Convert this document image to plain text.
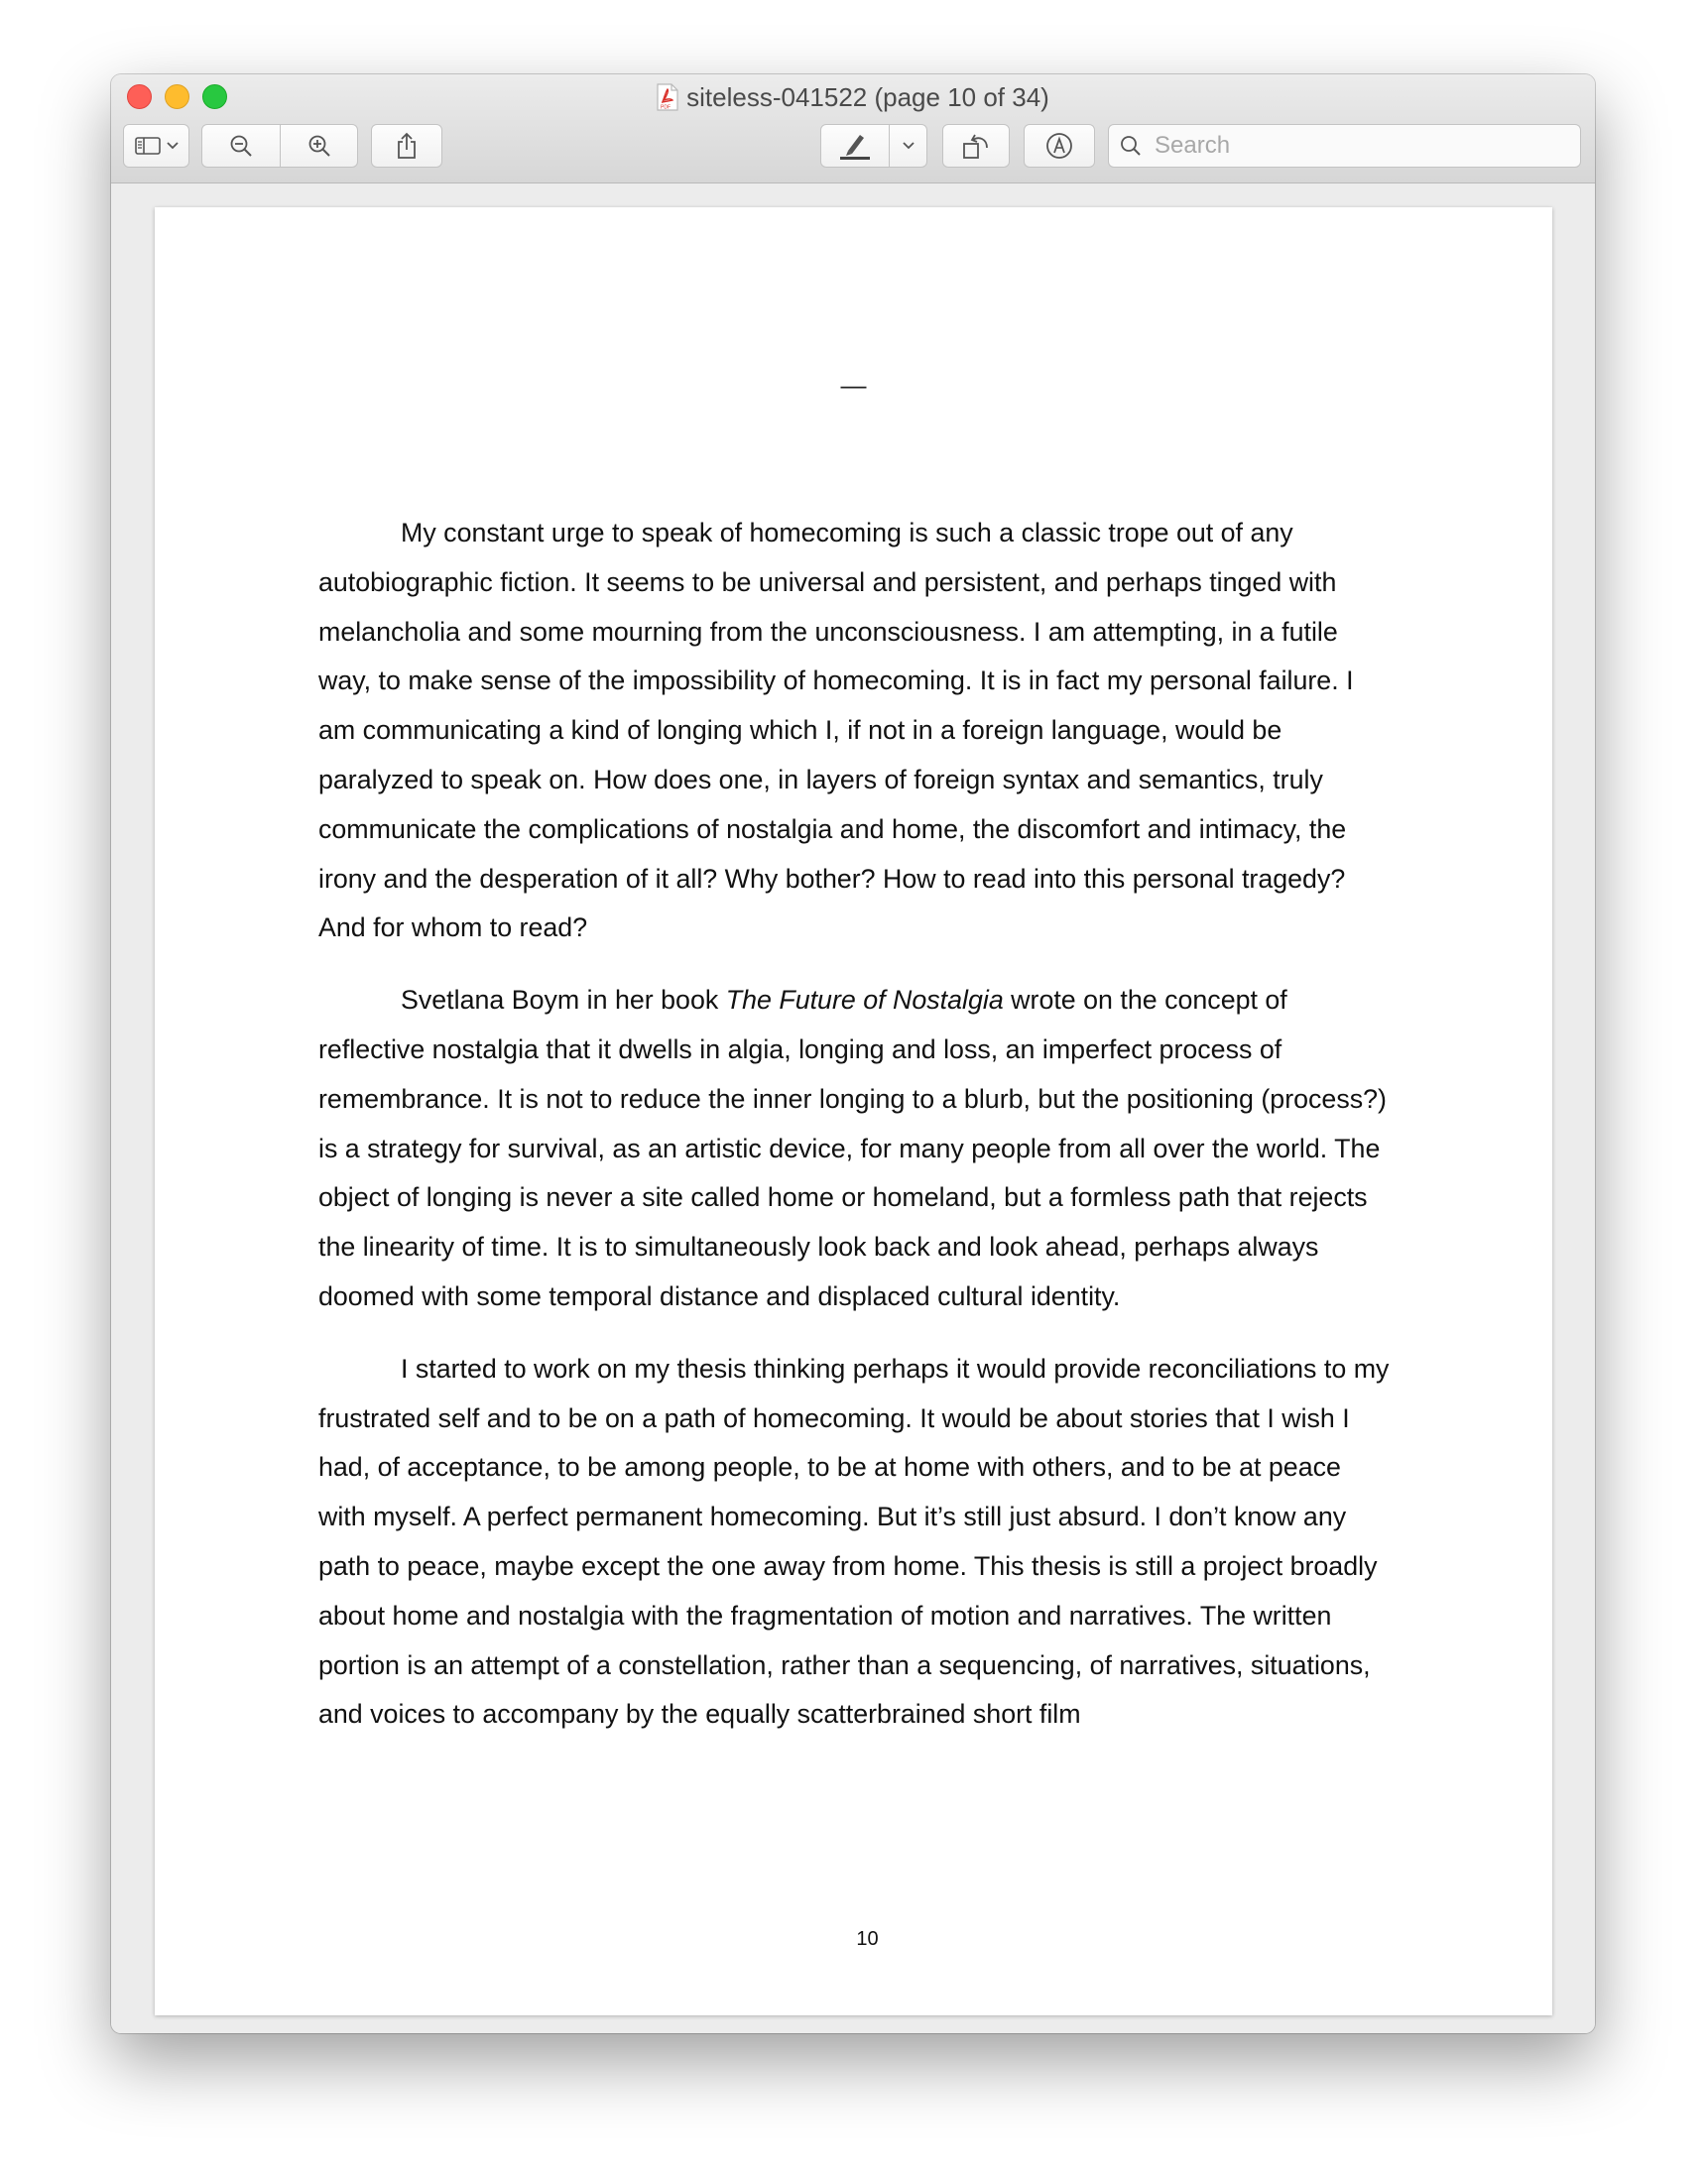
PDF siteless-041522 (page 10 of 34)
Search
—

My constant urge to speak of homecoming is such a classic trope out of any autobiographic fiction. It seems to be universal and persistent, and perhaps tinged with melancholia and some mourning from the unconsciousness. I am attempting, in a futile way, to make sense of the impossibility of homecoming. It is in fact my personal failure. I am communicating a kind of longing which I, if not in a foreign language, would be paralyzed to speak on. How does one, in layers of foreign syntax and semantics, truly communicate the complications of nostalgia and home, the discomfort and intimacy, the irony and the desperation of it all? Why bother? How to read into this personal tragedy? And for whom to read?

Svetlana Boym in her book The Future of Nostalgia wrote on the concept of reflective nostalgia that it dwells in algia, longing and loss, an imperfect process of remembrance. It is not to reduce the inner longing to a blurb, but the positioning (process?) is a strategy for survival, as an artistic device, for many people from all over the world. The object of longing is never a site called home or homeland, but a formless path that rejects the linearity of time. It is to simultaneously look back and look ahead, perhaps always doomed with some temporal distance and displaced cultural identity.

I started to work on my thesis thinking perhaps it would provide reconciliations to my frustrated self and to be on a path of homecoming. It would be about stories that I wish I had, of acceptance, to be among people, to be at home with others, and to be at peace with myself. A perfect permanent homecoming. But it’s still just absurd. I don’t know any path to peace, maybe except the one away from home. This thesis is still a project broadly about home and nostalgia with the fragmentation of motion and narratives. The written portion is an attempt of a constellation, rather than a sequencing, of narratives, situations, and voices to accompany by the equally scatterbrained short film

10
